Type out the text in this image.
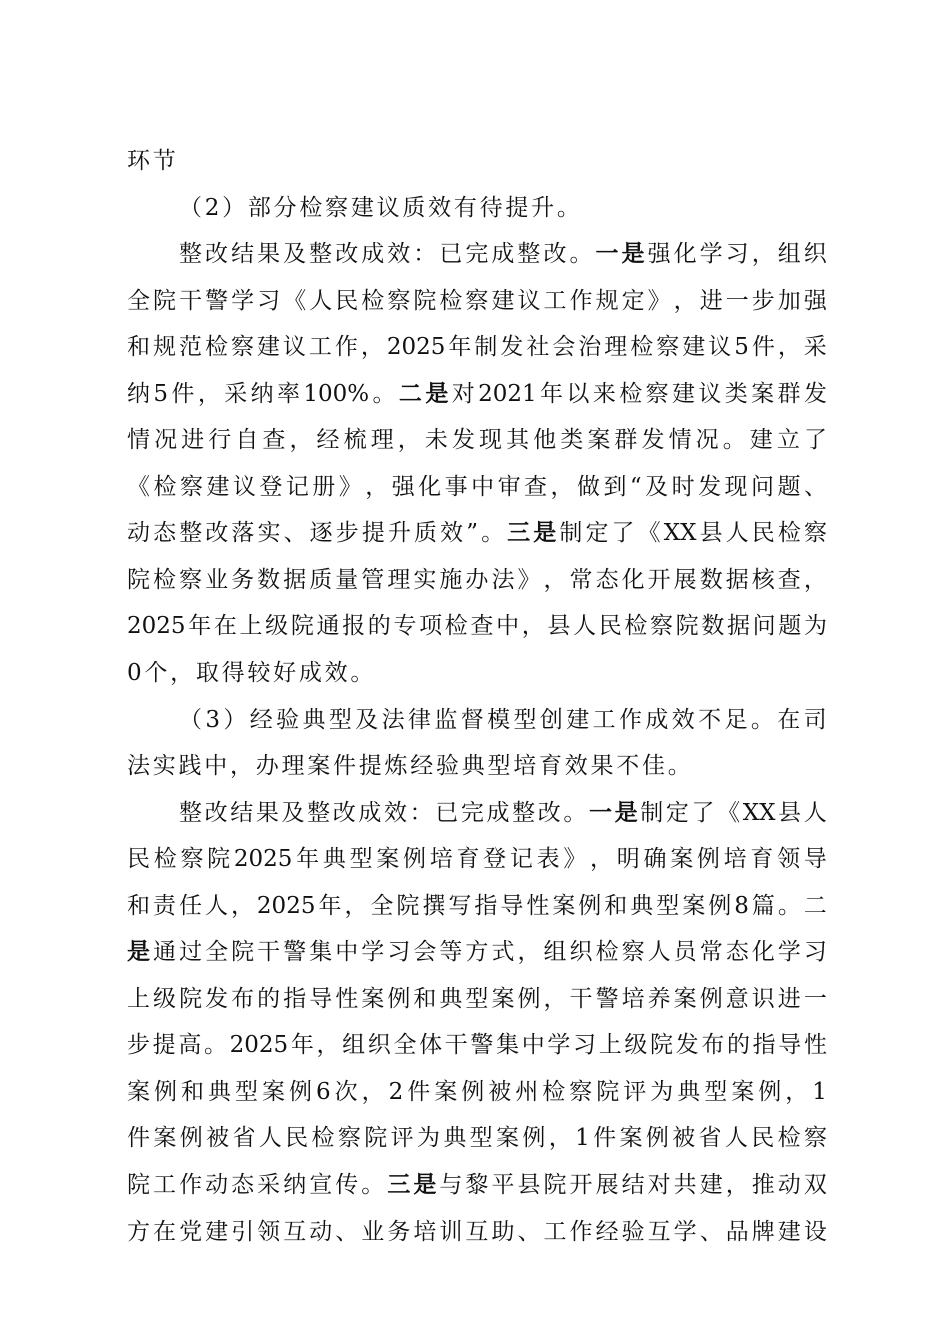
环 节
（ 2 ） 部 分 检 察 建 议 质 效 有 待 提 升 。
整 改 结 果 及 整 改 成 效 ： 已 完 成 整 改 。 一 是 强 化 学 习 ， 组 织
全 院 干 警 学 习 《 人 民 检 察 院 检 察 建 议 工 作 规 定 》 ， 进 一 步 加 强
和 规 范 检 察 建 议 工 作 ， 2025 年 制 发 社 会 治 理 检 察 建 议 5 件 ， 采
纳 5 件 ， 采 纳 率 100% 。 二 是 对 2021 年 以 来 检 察 建 议 类 案 群 发
情 况 进 行 自 查 ， 经 梳 理 ， 未 发 现 其 他 类 案 群 发 情 况 。 建 立 了
《 检 察 建 议 登 记 册 》 ， 强 化 事 中 审 查 ， 做 到 “ 及 时 发 现 问 题 、
动 态 整 改 落 实 、 逐 步 提 升 质 效 ” 。 三 是 制 定 了 《 XX 县 人 民 检 察
院 检 察 业 务 数 据 质 量 管 理 实 施 办 法 》 ， 常 态 化 开 展 数 据 核 查 ，
2025 年 在 上 级 院 通 报 的 专 项 检 查 中 ， 县 人 民 检 察 院 数 据 问 题 为
0 个 ， 取 得 较 好 成 效 。
（ 3 ） 经 验 典 型 及 法 律 监 督 模 型 创 建 工 作 成 效 不 足 。 在 司
法 实 践 中 ， 办 理 案 件 提 炼 经 验 典 型 培 育 效 果 不 佳 。
整 改 结 果 及 整 改 成 效 ： 已 完 成 整 改 。 一 是 制 定 了 《 XX 县 人
民 检 察 院 2025 年 典 型 案 例 培 育 登 记 表 》 ， 明 确 案 例 培 育 领 导
和 责 任 人 ， 2025 年 ， 全 院 撰 写 指 导 性 案 例 和 典 型 案 例 8 篇 。 二
是 通 过 全 院 干 警 集 中 学 习 会 等 方 式 ， 组 织 检 察 人 员 常 态 化 学 习
上 级 院 发 布 的 指 导 性 案 例 和 典 型 案 例 ， 干 警 培 养 案 例 意 识 进 一
步 提 高 。 2025 年 ， 组 织 全 体 干 警 集 中 学 习 上 级 院 发 布 的 指 导 性
案 例 和 典 型 案 例 6 次 ， 2 件 案 例 被 州 检 察 院 评 为 典 型 案 例 ， 1
件 案 例 被 省 人 民 检 察 院 评 为 典 型 案 例 ， 1 件 案 例 被 省 人 民 检 察
院 工 作 动 态 采 纳 宣 传 。 三 是 与 黎 平 县 院 开 展 结 对 共 建 ， 推 动 双
方 在 党 建 引 领 互 动 、 业 务 培 训 互 助 、 工 作 经 验 互 学 、 品 牌 建 设
